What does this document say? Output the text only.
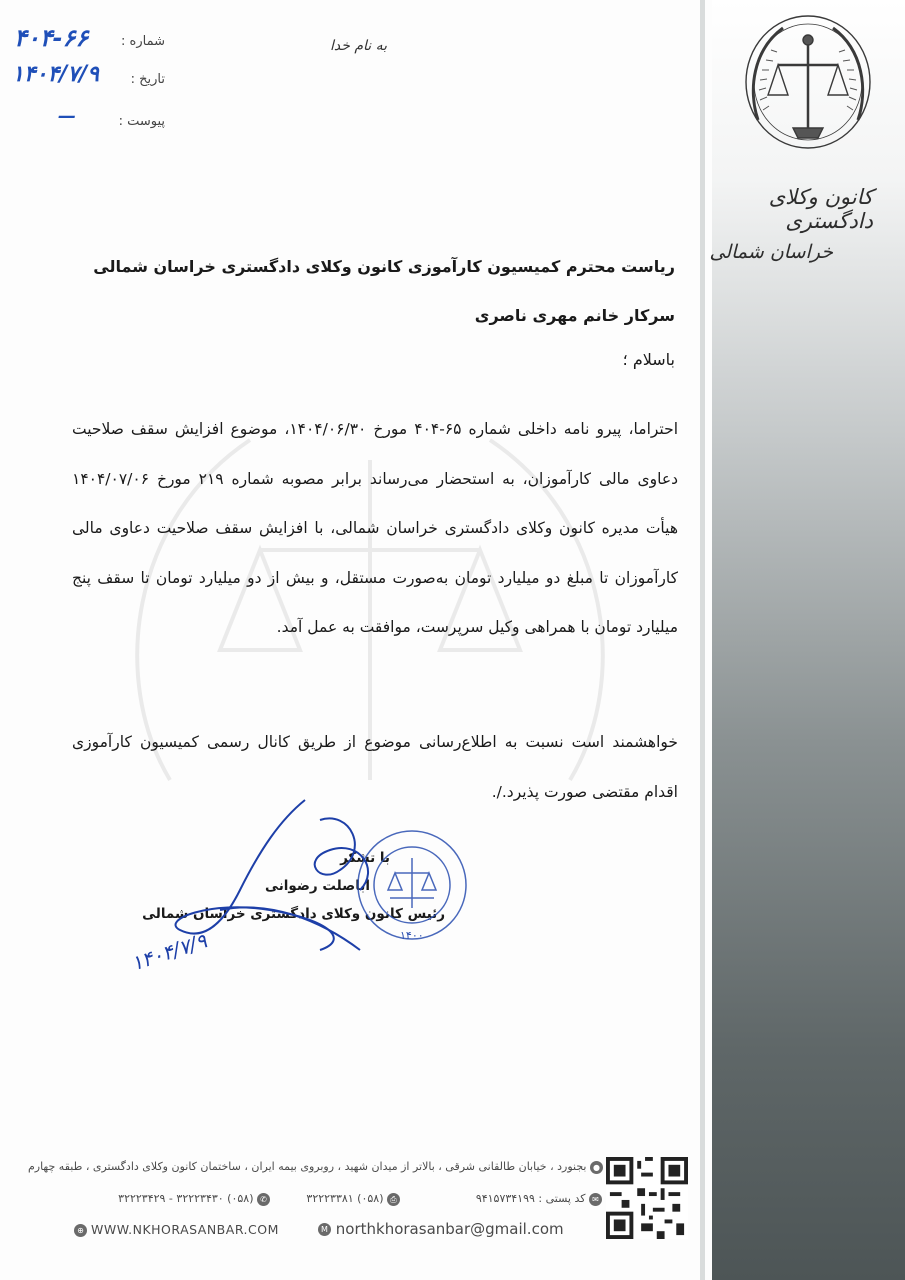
کانون وکلای دادگستری
خراسان شمالی
به نام خدا
شماره :
۴۰۴-۶۶
تاریخ :
۱۴۰۴/۷/۹
پیوست :
—
ریاست محترم کمیسیون کارآموزی کانون وکلای دادگستری خراسان شمالی
سرکار خانم مهری ناصری
باسلام ؛
احتراما، پیرو نامه داخلی شماره ۶۵-۴۰۴ مورخ ۱۴۰۴/۰۶/۳۰، موضوع افزایش سقف صلاحیت دعاوی مالی کارآموزان، به استحضار می‌رساند برابر مصوبه شماره ۲۱۹ مورخ ۱۴۰۴/۰۷/۰۶ هیأت مدیره کانون وکلای دادگستری خراسان شمالی، با افزایش سقف صلاحیت دعاوی مالی کارآموزان تا مبلغ دو میلیارد تومان به‌صورت مستقل، و بیش از دو میلیارد تومان تا سقف پنج میلیارد تومان با همراهی وکیل سرپرست، موافقت به عمل آمد.
خواهشمند است نسبت به اطلاع‌رسانی موضوع از طریق کانال رسمی کمیسیون کارآموزی اقدام مقتضی صورت پذیرد./.
با تشکر
ابا‌صلت رضوانی
رئیس کانون وکلای دادگستری خراسان شمالی
۱۴۰۰
۱۴۰۴/۷/۹
● بجنورد ، خیابان طالقانی شرقی ، بالاتر از میدان شهید ، روبروی بیمه ایران ، ساختمان کانون وکلای دادگستری ، طبقه چهارم
✉ کد پستی : ۹۴۱۵۷۳۴۱۹۹
⎙ (۰۵۸) ۳۲۲۲۳۳۸۱
✆ (۰۵۸) ۳۲۲۲۳۴۳۰ - ۳۲۲۲۳۴۲۹
⊕ WWW.NKHORASANBAR.COM	M northkhorasanbar@gmail.com
